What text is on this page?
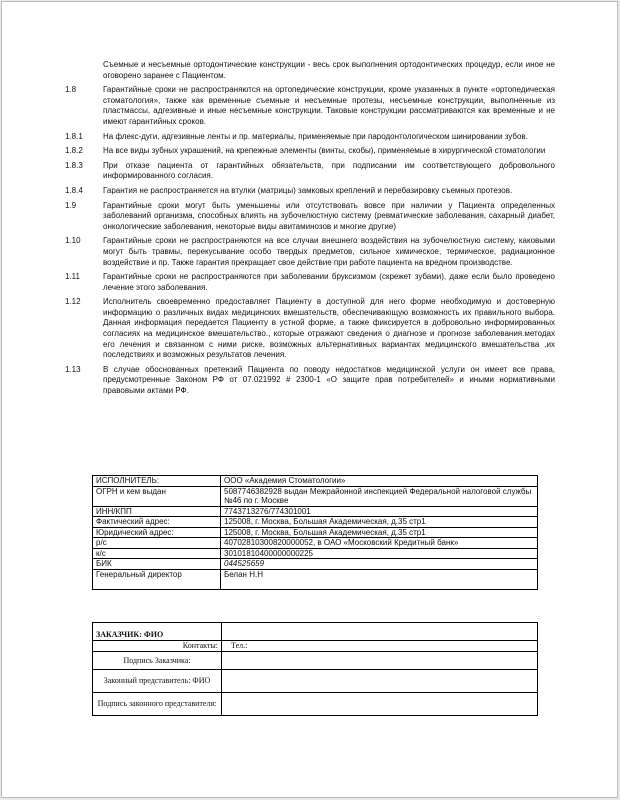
Съемные и несъемные ортодонтические конструкции - весь срок выполнения ортодонтических процедур, если иное не оговорено заранее с Пациентом.
1.8	Гарантийные сроки не распространяются на ортопедические конструкции, кроме указанных в пункте «ортопедическая стоматология», также как временные съемные и несъемные протезы, несъемные конструкции, выполненные из пластмассы, адгезивные и иные несъемные конструкции. Таковые конструкции рассматриваются как временные и не имеют гарантийных сроков.
1.8.1	На флекс-дуги, адгезивные ленты и пр. материалы, применяемые при пародонтологическом шинировании зубов.
1.8.2	На все виды зубных украшений, на крепежные элементы (винты, скобы), применяемые в хирургической стоматологии
1.8.3	При отказе пациента от гарантийных обязательств, при подписании им соответствующего добровольного информированного согласия.
1.8.4	Гарантия не распространяется на втулки (матрицы) замковых креплений и перебазировку съемных протезов.
1.9	Гарантийные сроки могут быть уменьшены или отсутствовать вовсе при наличии у Пациента определенных заболеваний организма, способных влиять на зубочелюстную систему (ревматические заболевания, сахарный диабет, онкологические заболевания, некоторые виды авитаминозов и многие другие)
1.10	Гарантийные сроки не распространяются на все случаи внешнего воздействия на зубочелюстную систему, каковыми могут быть травмы, перекусывание особо твердых предметов, сильное химическое, термическое, радиационное воздействие и пр. Также гарантия прекращает свое действие при работе пациента на вредном производстве.
1.11	Гарантийные сроки не распространяются при заболевании бруксизмом (скрежет зубами), даже если было проведено лечение этого заболевания.
1.12	Исполнитель своевременно предоставляет Пациенту в доступной для него форме необходимую и достоверную информацию о различных видах медицинских вмешательств, обеспечивающую возможность их правильного выбора. Данная информация передается Пациенту в устной форме, а также фиксируется в добровольно информированных согласиях на медицинское вмешательство., которые отражают сведения о диагнозе и прогнозе заболевания.методах его лечения и связанном с ними риске, возможных альтернативных вариантах медицинского вмешательства ,их последствиях и возможных результатов лечения.
1.13	В случае обоснованных претензий Пациента по поводу недостатков медицинской услуги он имеет все права, предусмотренные Законом РФ от 07.021992 # 2300-1 «О защите прав потребителей» и иными нормативными правовыми актами РФ.
ИСПОЛНИТЕЛЬ:	ООО «Академия Стоматологии»
ОГРН и кем выдан	5087746382928 выдан Межрайонной инспекцией Федеральной налоговой службы №46 по г. Москве
ИНН/КПП	7743713276/774301001
Фактический адрес:	125008, г. Москва, Большая Академическая, д.35 стр1
Юридический адрес:	125008, г. Москва, Большая Академическая, д.35 стр1
р/с	40702810300820000052, в ОАО «Московский Кредитный банк»
к/с	30101810400000000225
БИК	044525659
Генеральный директор	Белан Н.Н
ЗАКАЗЧИК: ФИО	
Контакты:	Тел.:
Подпись Заказчика:	
Законный представитель: ФИО	
Подпись законного представителя:	
